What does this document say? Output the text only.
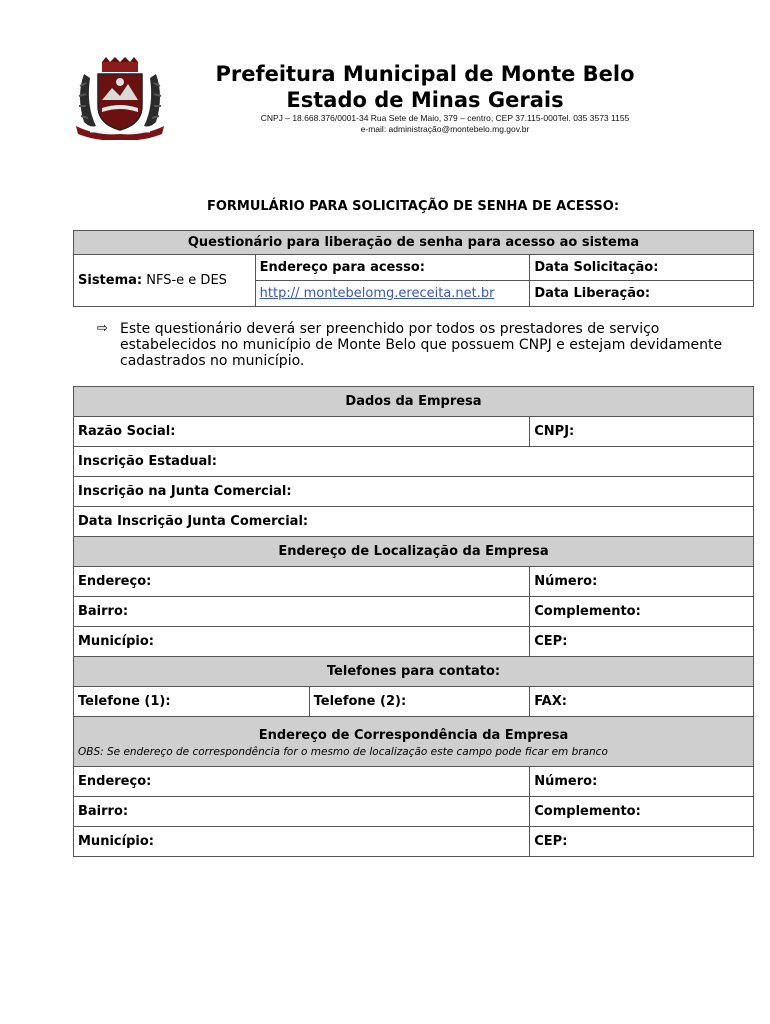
Prefeitura Municipal de Monte Belo
Estado de Minas Gerais
CNPJ – 18.668.376/0001-34 Rua Sete de Maio, 379 – centro, CEP 37.115-000Tel. 035 3573 1155
e-mail: administração@montebelo.mg.gov.br
FORMULÁRIO PARA SOLICITAÇÃO DE SENHA DE ACESSO:
Questionário para liberação de senha para acesso ao sistema		
Sistema: NFS-e e DES	Endereço para acesso:	Data Solicitação:
	http:// montebelomg.ereceita.net.br	Data Liberação:
⇨ Este questionário deverá ser preenchido por todos os prestadores de serviço estabelecidos no município de Monte Belo que possuem CNPJ e estejam devidamente cadastrados no município.
Dados da Empresa		
Razão Social:		CNPJ:
Inscrição Estadual:		
Inscrição na Junta Comercial:		
Data Inscrição Junta Comercial:		
Endereço de Localização da Empresa		
Endereço:		Número:
Bairro:		Complemento:
Município:		CEP:
Telefones para contato:		
Telefone (1):	Telefone (2):	FAX:
Endereço de Correspondência da Empresa
OBS: Se endereço de correspondência for o mesmo de localização este campo pode ficar em branco		

Endereço:		Número:
Bairro:		Complemento:
Município:		CEP:
